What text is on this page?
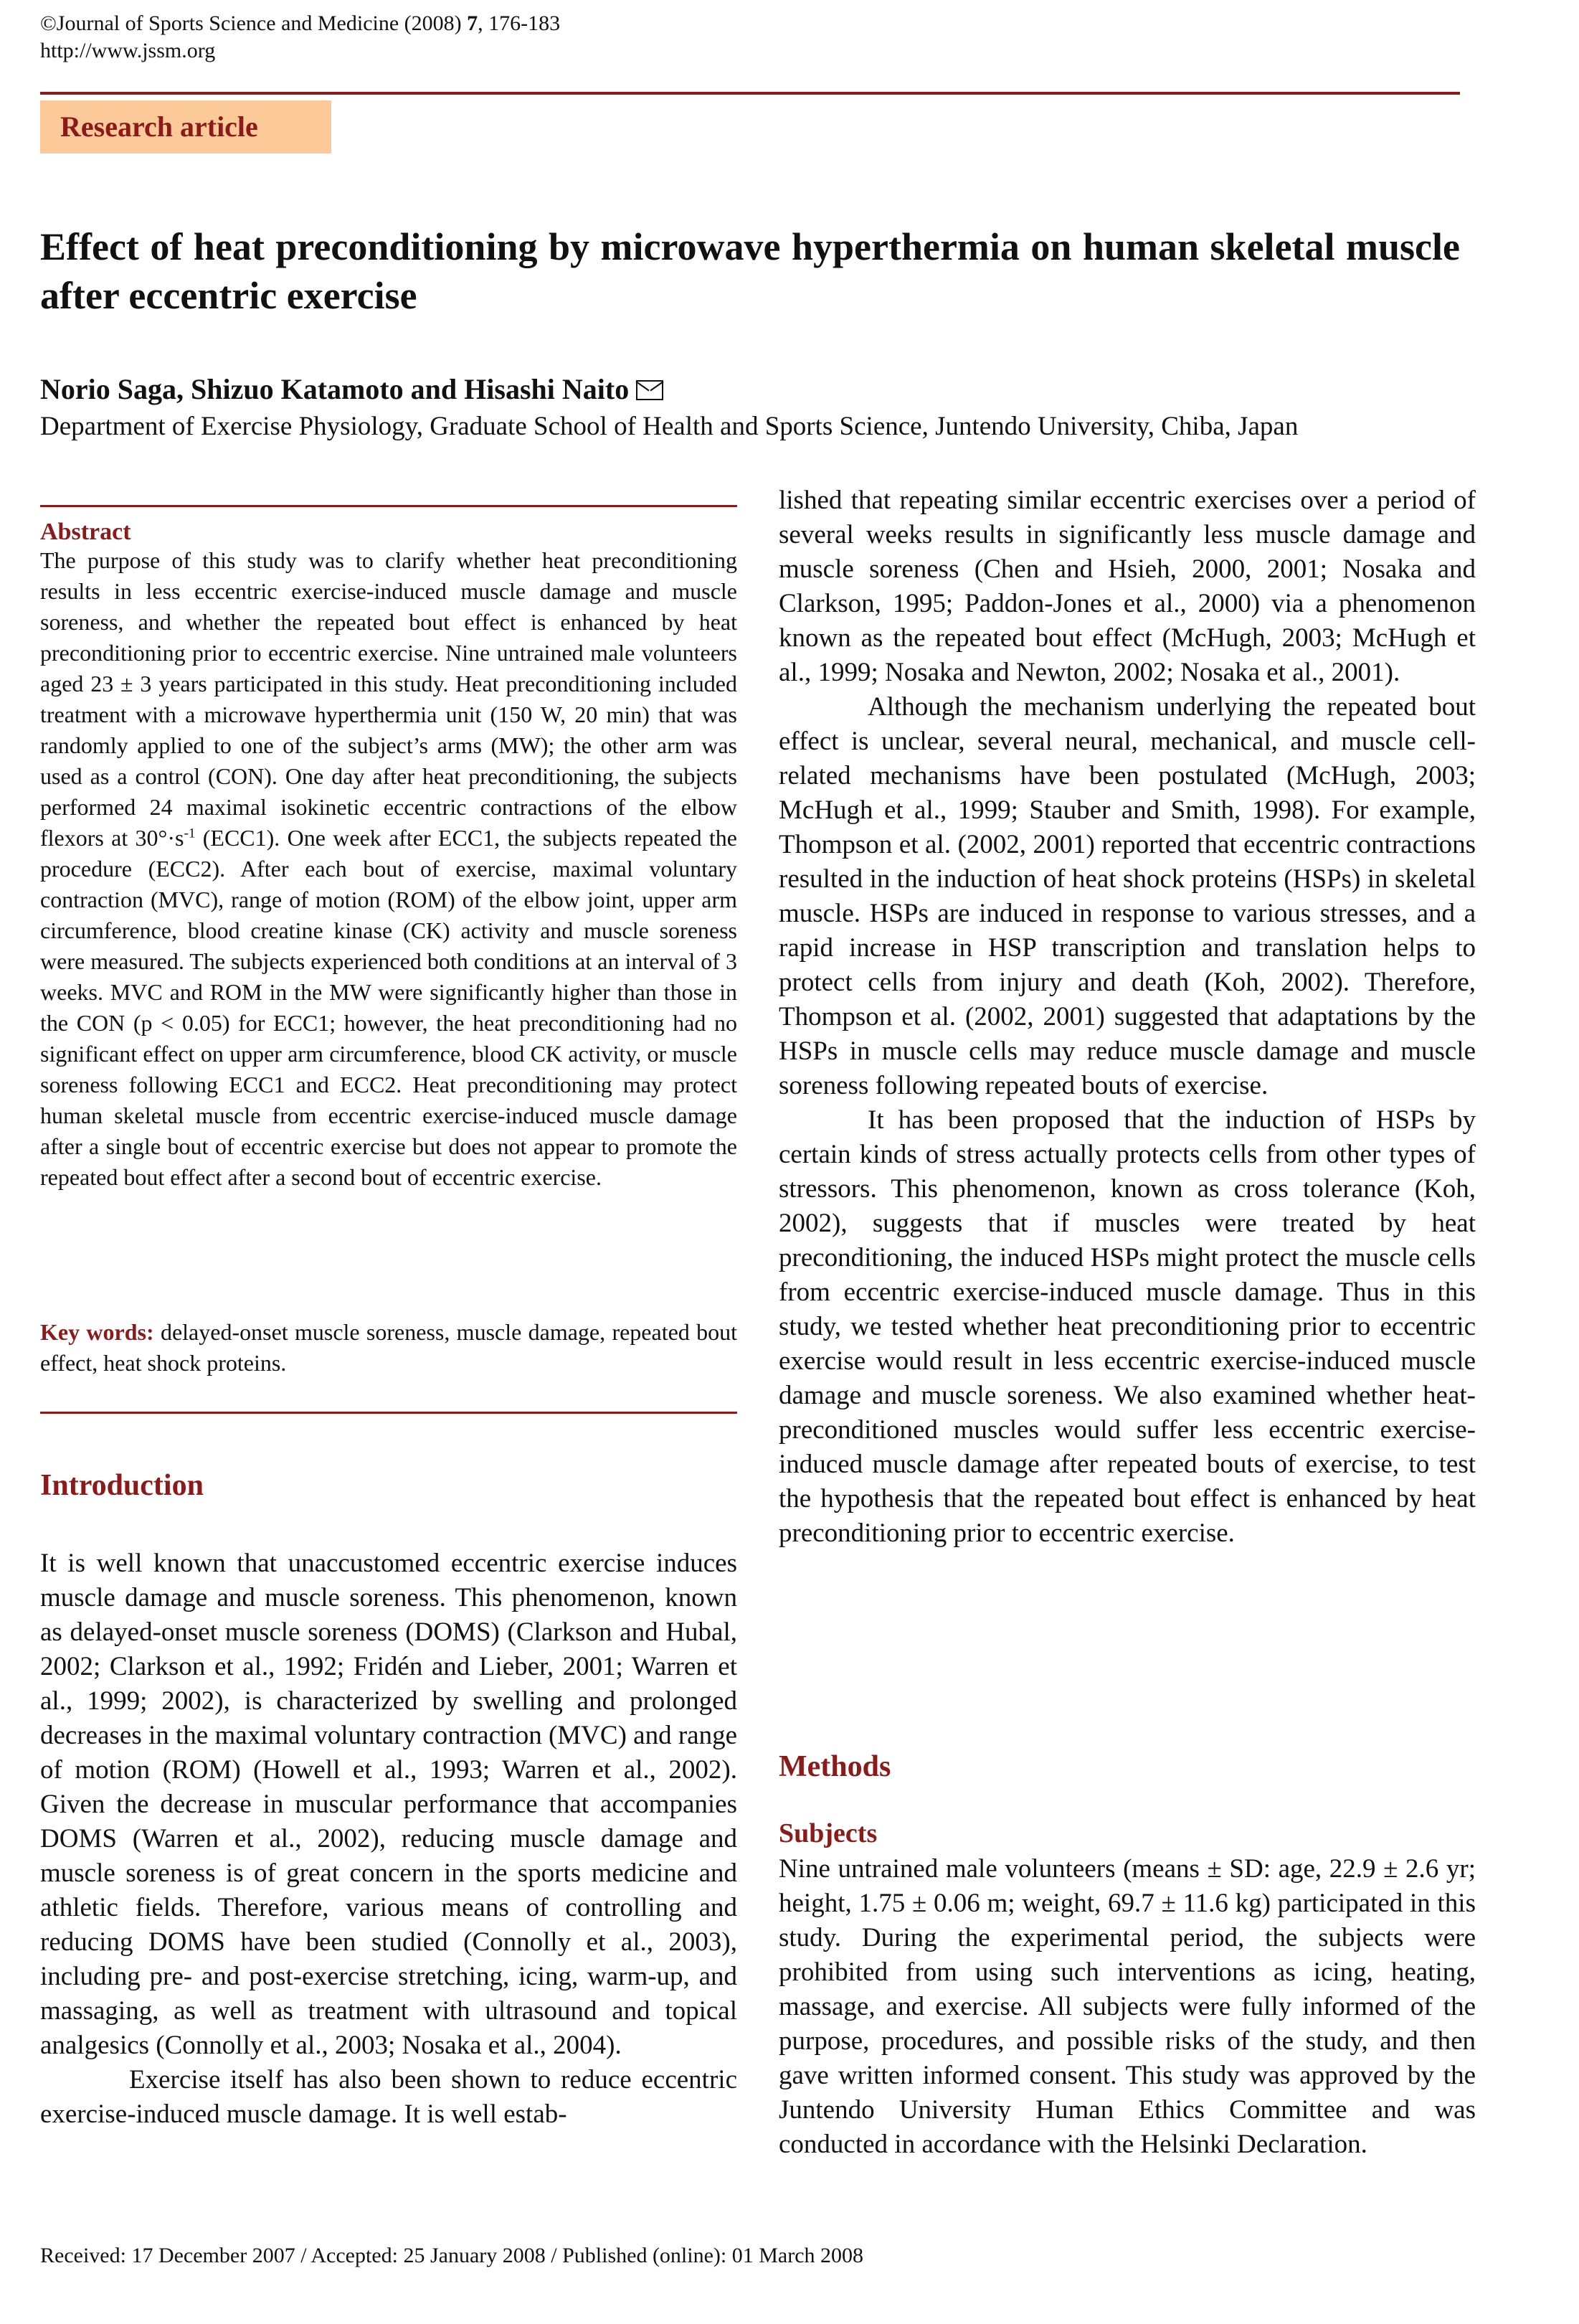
©Journal of Sports Science and Medicine (2008) 7, 176-183
http://www.jssm.org
Research article
Effect of heat preconditioning by microwave hyperthermia on human skeletal muscle after eccentric exercise
Norio Saga, Shizuo Katamoto and Hisashi Naito
Department of Exercise Physiology, Graduate School of Health and Sports Science, Juntendo University, Chiba, Japan
Abstract
The purpose of this study was to clarify whether heat preconditioning results in less eccentric exercise-induced muscle damage and muscle soreness, and whether the repeated bout effect is enhanced by heat preconditioning prior to eccentric exercise. Nine untrained male volunteers aged 23 ± 3 years participated in this study. Heat preconditioning included treatment with a microwave hyperthermia unit (150 W, 20 min) that was randomly applied to one of the subject’s arms (MW); the other arm was used as a control (CON). One day after heat preconditioning, the subjects performed 24 maximal isokinetic eccentric contractions of the elbow flexors at $30^\circ\cdot s^{-1}$ (ECC1). One week after ECC1, the subjects repeated the procedure (ECC2). After each bout of exercise, maximal voluntary contraction (MVC), range of motion (ROM) of the elbow joint, upper arm circumference, blood creatine kinase (CK) activity and muscle soreness were measured. The subjects experienced both conditions at an interval of 3 weeks. MVC and ROM in the MW were significantly higher than those in the CON (p < 0.05) for ECC1; however, the heat preconditioning had no significant effect on upper arm circumference, blood CK activity, or muscle soreness following ECC1 and ECC2. Heat preconditioning may protect human skeletal muscle from eccentric exercise-induced muscle damage after a single bout of eccentric exercise but does not appear to promote the repeated bout effect after a second bout of eccentric exercise.
Key words: delayed-onset muscle soreness, muscle damage, repeated bout effect, heat shock proteins.
Introduction

It is well known that unaccustomed eccentric exercise induces muscle damage and muscle soreness. This phenomenon, known as delayed-onset muscle soreness (DOMS) (Clarkson and Hubal, 2002; Clarkson et al., 1992; Fridén and Lieber, 2001; Warren et al., 1999; 2002), is characterized by swelling and prolonged decreases in the maximal voluntary contraction (MVC) and range of motion (ROM) (Howell et al., 1993; Warren et al., 2002). Given the decrease in muscular performance that accompanies DOMS (Warren et al., 2002), reducing muscle damage and muscle soreness is of great concern in the sports medicine and athletic fields. Therefore, various means of controlling and reducing DOMS have been studied (Connolly et al., 2003), including pre- and post-exercise stretching, icing, warm-up, and massaging, as well as treatment with ultrasound and topical analgesics (Connolly et al., 2003; Nosaka et al., 2004).

Exercise itself has also been shown to reduce eccentric exercise-induced muscle damage. It is well estab-

lished that repeating similar eccentric exercises over a period of several weeks results in significantly less muscle damage and muscle soreness (Chen and Hsieh, 2000, 2001; Nosaka and Clarkson, 1995; Paddon-Jones et al., 2000) via a phenomenon known as the repeated bout effect (McHugh, 2003; McHugh et al., 1999; Nosaka and Newton, 2002; Nosaka et al., 2001).

Although the mechanism underlying the repeated bout effect is unclear, several neural, mechanical, and muscle cell-related mechanisms have been postulated (McHugh, 2003; McHugh et al., 1999; Stauber and Smith, 1998). For example, Thompson et al. (2002, 2001) reported that eccentric contractions resulted in the induction of heat shock proteins (HSPs) in skeletal muscle. HSPs are induced in response to various stresses, and a rapid increase in HSP transcription and translation helps to protect cells from injury and death (Koh, 2002). Therefore, Thompson et al. (2002, 2001) suggested that adaptations by the HSPs in muscle cells may reduce muscle damage and muscle soreness following repeated bouts of exercise.

It has been proposed that the induction of HSPs by certain kinds of stress actually protects cells from other types of stressors. This phenomenon, known as cross tolerance (Koh, 2002), suggests that if muscles were treated by heat preconditioning, the induced HSPs might protect the muscle cells from eccentric exercise-induced muscle damage. Thus in this study, we tested whether heat preconditioning prior to eccentric exercise would result in less eccentric exercise-induced muscle damage and muscle soreness. We also examined whether heat-preconditioned muscles would suffer less eccentric exercise-induced muscle damage after repeated bouts of exercise, to test the hypothesis that the repeated bout effect is enhanced by heat preconditioning prior to eccentric exercise.

Methods
Subjects

Nine untrained male volunteers (means ± SD: age, 22.9 ± 2.6 yr; height, 1.75 ± 0.06 m; weight, 69.7 ± 11.6 kg) participated in this study. During the experimental period, the subjects were prohibited from using such interventions as icing, heating, massage, and exercise. All subjects were fully informed of the purpose, procedures, and possible risks of the study, and then gave written informed consent. This study was approved by the Juntendo University Human Ethics Committee and was conducted in accordance with the Helsinki Declaration.

Received: 17 December 2007 / Accepted: 25 January 2008 / Published (online): 01 March 2008
